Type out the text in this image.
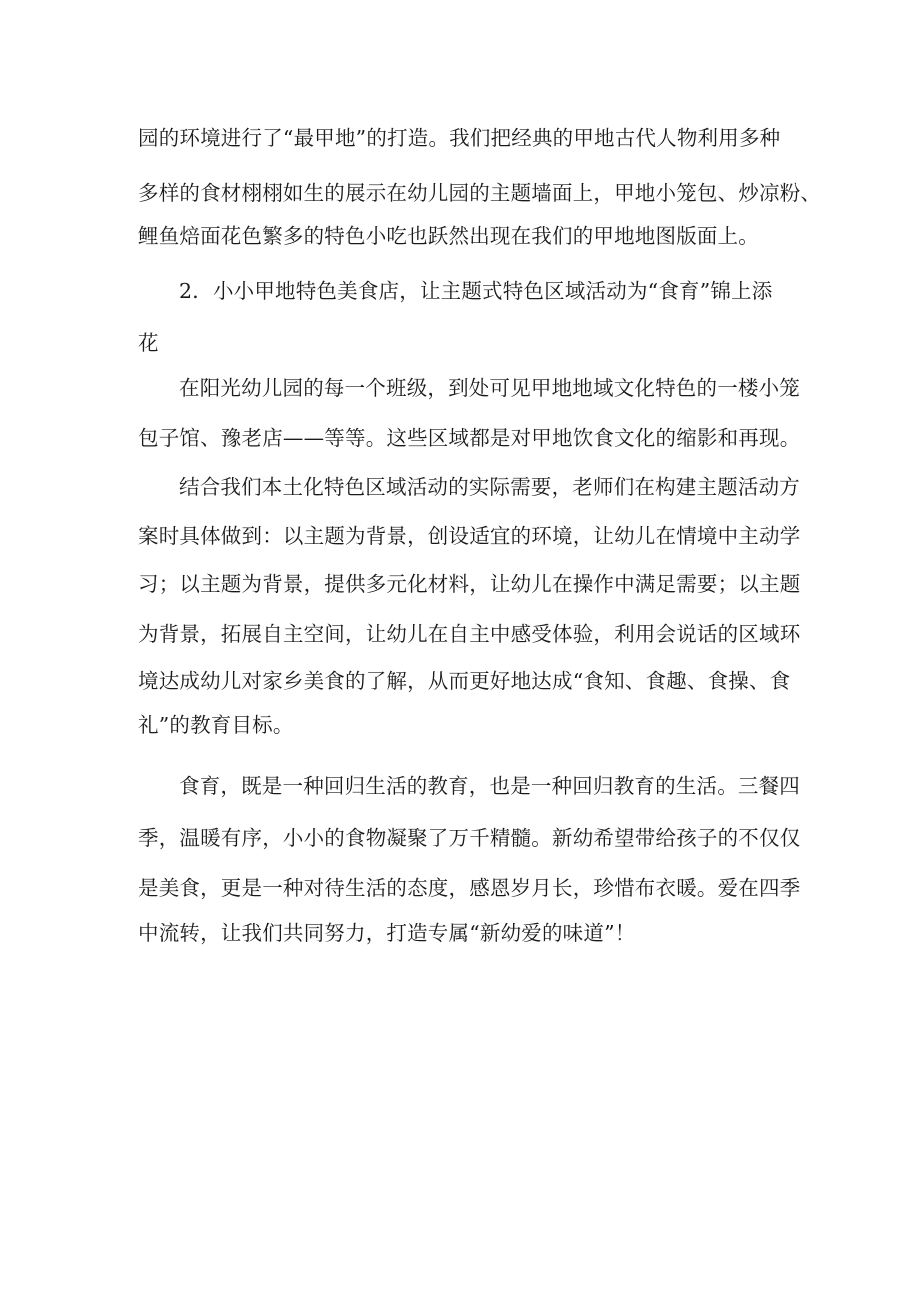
园的环境进行了“最甲地”的打造。我们把经典的甲地古代人物利用多种
多样的食材栩栩如生的展示在幼儿园的主题墙面上，甲地小笼包、炒凉粉、
鲤鱼焙面花色繁多的特色小吃也跃然出现在我们的甲地地图版面上。
2．小小甲地特色美食店，让主题式特色区域活动为“食育”锦上添
花
在阳光幼儿园的每一个班级，到处可见甲地地域文化特色的一楼小笼
包子馆、豫老店——等等。这些区域都是对甲地饮食文化的缩影和再现。
结合我们本土化特色区域活动的实际需要，老师们在构建主题活动方
案时具体做到：以主题为背景，创设适宜的环境，让幼儿在情境中主动学
习；以主题为背景，提供多元化材料，让幼儿在操作中满足需要；以主题
为背景，拓展自主空间，让幼儿在自主中感受体验，利用会说话的区域环
境达成幼儿对家乡美食的了解，从而更好地达成“食知、食趣、食操、食
礼”的教育目标。
食育，既是一种回归生活的教育，也是一种回归教育的生活。三餐四
季，温暖有序，小小的食物凝聚了万千精髓。新幼希望带给孩子的不仅仅
是美食，更是一种对待生活的态度，感恩岁月长，珍惜布衣暖。爱在四季
中流转，让我们共同努力，打造专属“新幼爱的味道”！
